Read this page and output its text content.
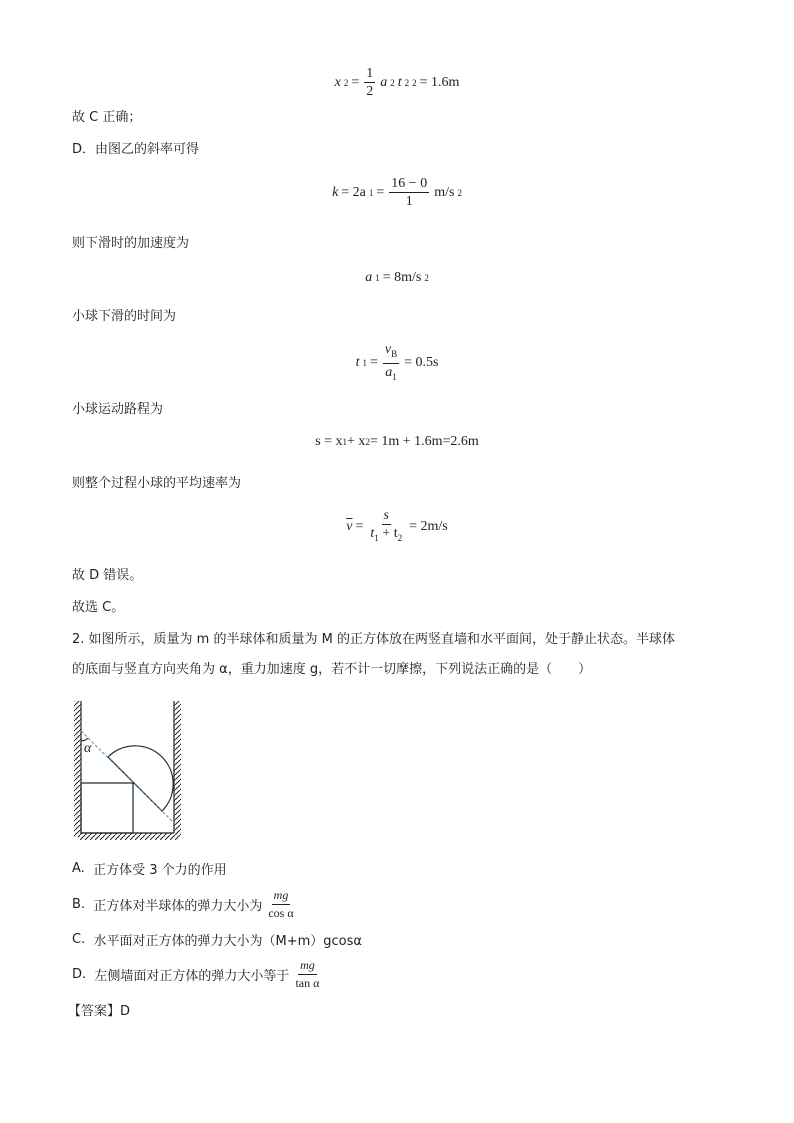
x $2 = \frac{1}{2}$ a 2 t 2 2 = 1.6m
故 C 正确；
D．由图乙的斜率可得
k = 2a $1 = \frac{16 - 0}{1} m/s$ 2
则下滑时的加速度为
a 1 = 8m/s 2
小球下滑的时间为
t $1 = \frac{v_B}{a_1} = 0.5s$
小球运动路程为
s = x 1 + x 2 = 1m + 1.6m=2.6m
则整个过程小球的平均速率为
$\overline{v} = \frac{s}{t_1 + t_2} = 2m/s$
故 D 错误。
故选 C。
2. 如图所示，质量为 m 的半球体和质量为 M 的正方体放在两竖直墙和水平面间，处于静止状态。半球体
的底面与竖直方向夹角为 α，重力加速度 g，若不计一切摩擦，下列说法正确的是（　　）
α
A.
正方体受 3 个力的作用
B.
正方体对半球体的弹力大小为 $\frac{mg}{\text{cos α}}$
C.
水平面对正方体的弹力大小为（M+m）gcosα
D.
左侧墙面对正方体的弹力大小等于 $\frac{mg}{\text{tan α}}$
【答案】D
